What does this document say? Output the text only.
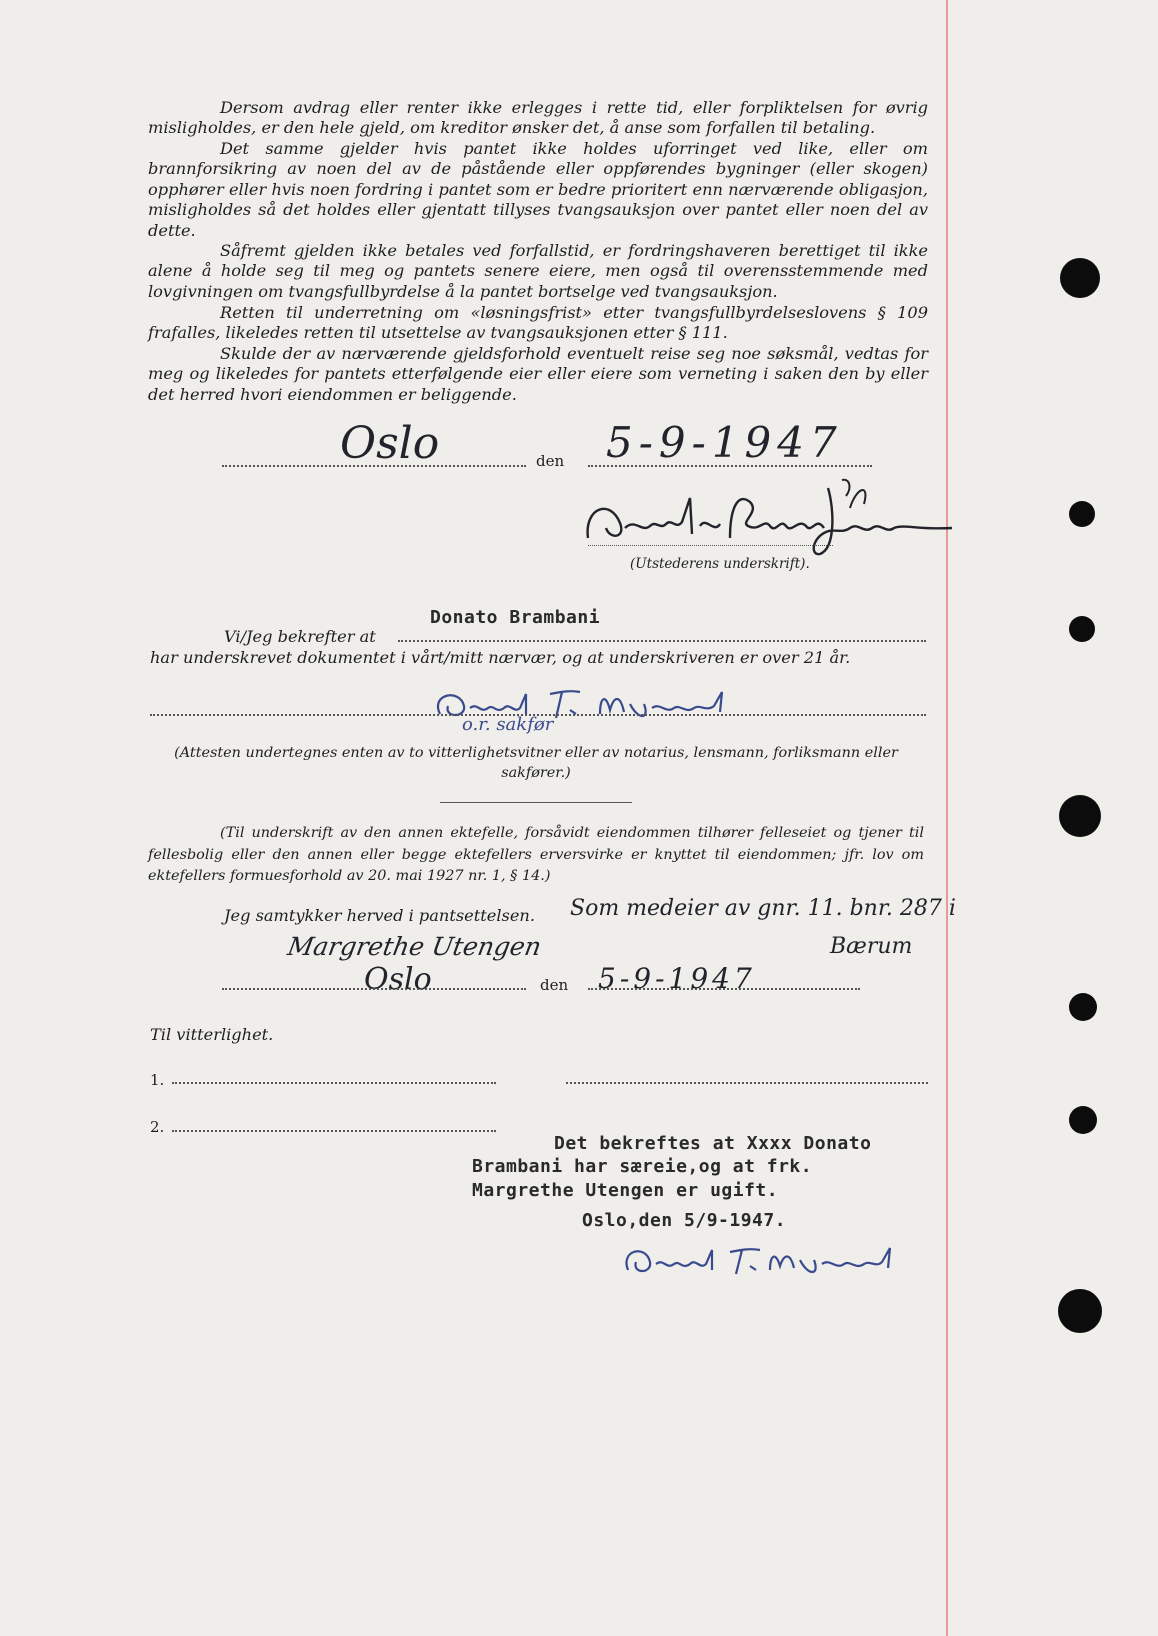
Dersom avdrag eller renter ikke erlegges i rette tid, eller forpliktelsen for øvrig misligholdes, er den hele gjeld, om kreditor ønsker det, å anse som forfallen til betaling.

Det samme gjelder hvis pantet ikke holdes uforringet ved like, eller om brannforsikring av noen del av de påstående eller oppførendes bygninger (eller skogen) opphører eller hvis noen fordring i pantet som er bedre prioritert enn nærværende obligasjon, misligholdes så det holdes eller gjentatt tillyses tvangsauksjon over pantet eller noen del av dette.

Såfremt gjelden ikke betales ved forfallstid, er fordringshaveren berettiget til ikke alene å holde seg til meg og pantets senere eiere, men også til overensstemmende med lovgivningen om tvangsfullbyrdelse å la pantet bortselge ved tvangsauksjon.

Retten til underretning om «løsningsfrist» etter tvangsfullbyrdelseslovens § 109 frafalles, likeledes retten til utsettelse av tvangsauksjonen etter § 111.

Skulde der av nærværende gjeldsforhold eventuelt reise seg noe søksmål, vedtas for meg og likeledes for pantets etterfølgende eier eller eiere som verneting i saken den by eller det herred hvori eiendommen er beliggende.

Oslo	den 5-9-1947
(Utstederens underskrift).
Vi/Jeg bekrefter at
Donato Brambani
har underskrevet dokumentet i vårt/mitt nærvær, og at underskriveren er over 21 år.
o.r. sakfør

(Attesten undertegnes enten av to vitterlighetsvitner eller av notarius, lensmann, forliksmann eller sakfører.)

(Til underskrift av den annen ektefelle, forsåvidt eiendommen tilhører felleseiet og tjener til fellesbolig eller den annen eller begge ektefellers erversvirke er knyttet til eiendommen; jfr. lov om ektefellers formuesforhold av 20. mai 1927 nr. 1, § 14.)

Jeg samtykker herved i pantsettelsen. Som medeier av gnr. 11. bnr. 287 i
Margrethe Utengen	Bærum
Oslo	den 5-9-1947
Til vitterlighet.
1.
2.
Det bekreftes at Xxxx Donato
Brambani har særeie,og at frk.
Margrethe Utengen er ugift.
Oslo,den 5/9-1947.
